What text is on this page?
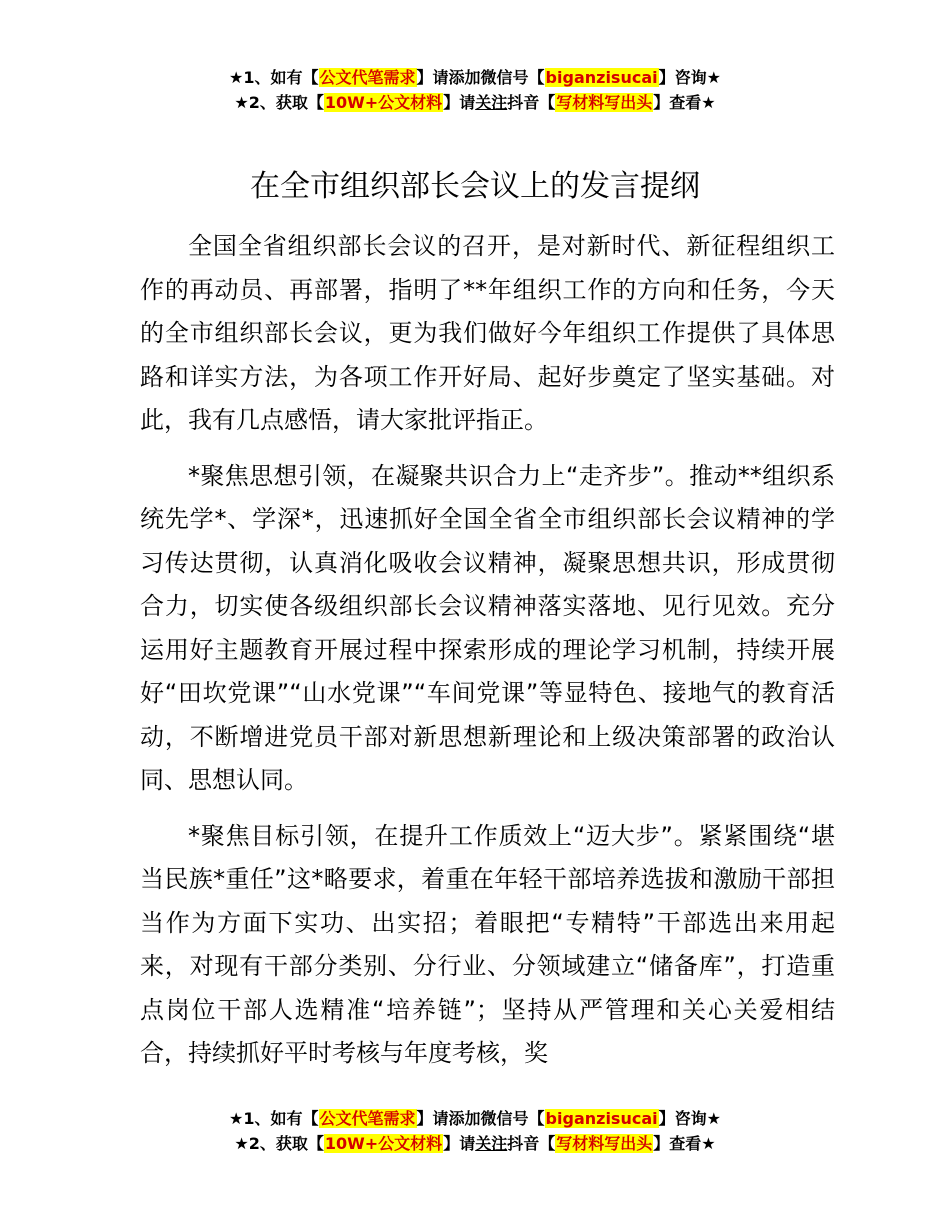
★1、如有【公文代笔需求】请添加微信号【biganzisucai】咨询★
★2、获取【10W+公文材料】请关注抖音【写材料写出头】查看★
在全市组织部长会议上的发言提纲

全国全省组织部长会议的召开，是对新时代、新征程组织工作的再动员、再部署，指明了**年组织工作的方向和任务，今天的全市组织部长会议，更为我们做好今年组织工作提供了具体思路和详实方法，为各项工作开好局、起好步奠定了坚实基础。对此，我有几点感悟，请大家批评指正。

*聚焦思想引领，在凝聚共识合力上“走齐步”。推动**组织系统先学*、学深*，迅速抓好全国全省全市组织部长会议精神的学习传达贯彻，认真消化吸收会议精神，凝聚思想共识，形成贯彻合力，切实使各级组织部长会议精神落实落地、见行见效。充分运用好主题教育开展过程中探索形成的理论学习机制，持续开展好“田坎党课”“山水党课”“车间党课”等显特色、接地气的教育活动，不断增进党员干部对新思想新理论和上级决策部署的政治认同、思想认同。

*聚焦目标引领，在提升工作质效上“迈大步”。紧紧围绕“堪当民族*重任”这*略要求，着重在年轻干部培养选拔和激励干部担当作为方面下实功、出实招；着眼把“专精特”干部选出来用起来，对现有干部分类别、分行业、分领域建立“储备库”，打造重点岗位干部人选精准“培养链”；坚持从严管理和关心关爱相结合，持续抓好平时考核与年度考核，奖

★1、如有【公文代笔需求】请添加微信号【biganzisucai】咨询★
★2、获取【10W+公文材料】请关注抖音【写材料写出头】查看★
